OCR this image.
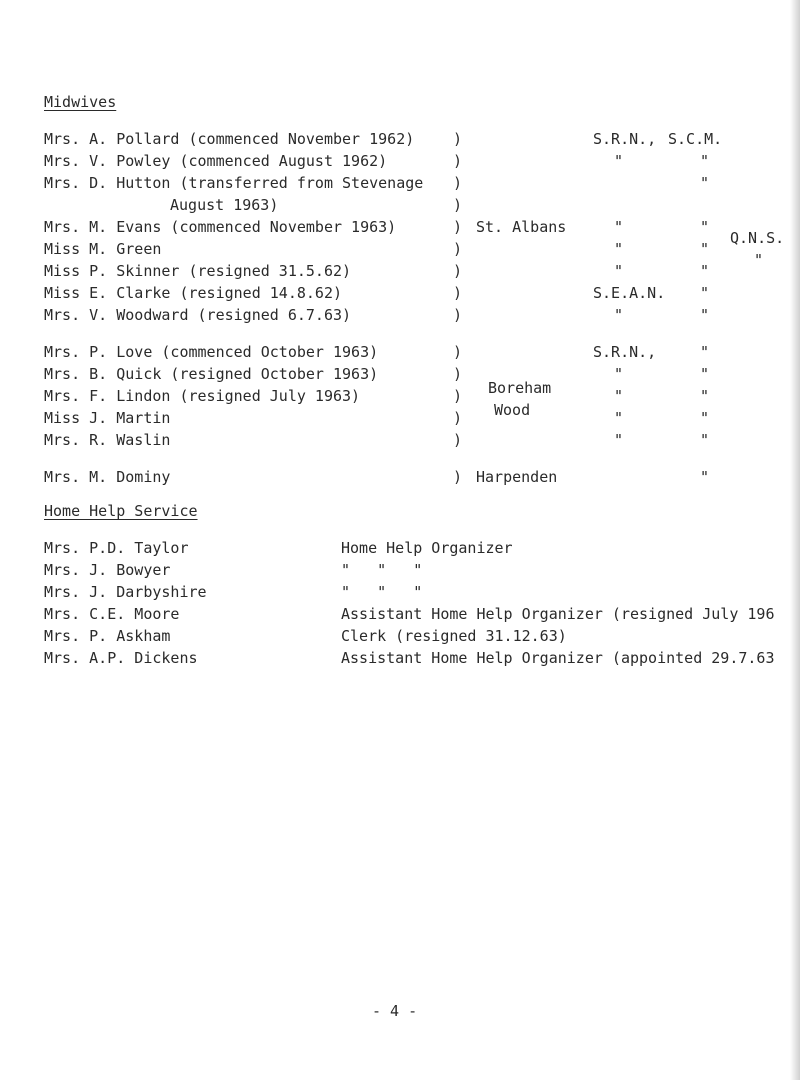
Midwives
Mrs. A. Pollard (commenced November 1962)
Mrs. V. Powley (commenced August 1962)
Mrs. D. Hutton (transferred from Stevenage
August 1963)
Mrs. M. Evans (commenced November 1963)
Miss M. Green
Miss P. Skinner (resigned 31.5.62)
Miss E. Clarke (resigned 14.8.62)
Mrs. V. Woodward (resigned 6.7.63)
Mrs. P. Love (commenced October 1963)
Mrs. B. Quick (resigned October 1963)
Mrs. F. Lindon (resigned July 1963)
Miss J. Martin
Mrs. R. Waslin
Mrs. M. Dominy
)
)
)
)
)
)
)
)
)
)
)
)
)
)
)
St. Albans
Boreham
Wood
Harpenden
S.R.N.,
"
"
"
"
S.E.A.N.
"
S.R.N.,
"
"
"
"
S.C.M.
"
"
"
"
"
"
"
"
"
"
"
"
"
Q.N.S.
"
Home Help Service
Mrs. P.D. Taylor
Mrs. J. Bowyer
Mrs. J. Darbyshire
Mrs. C.E. Moore
Mrs. P. Askham
Mrs. A.P. Dickens
Home Help Organizer
"   "   "
"   "   "
Assistant Home Help Organizer (resigned July 196
Clerk (resigned 31.12.63)
Assistant Home Help Organizer (appointed 29.7.63
- 4 -
